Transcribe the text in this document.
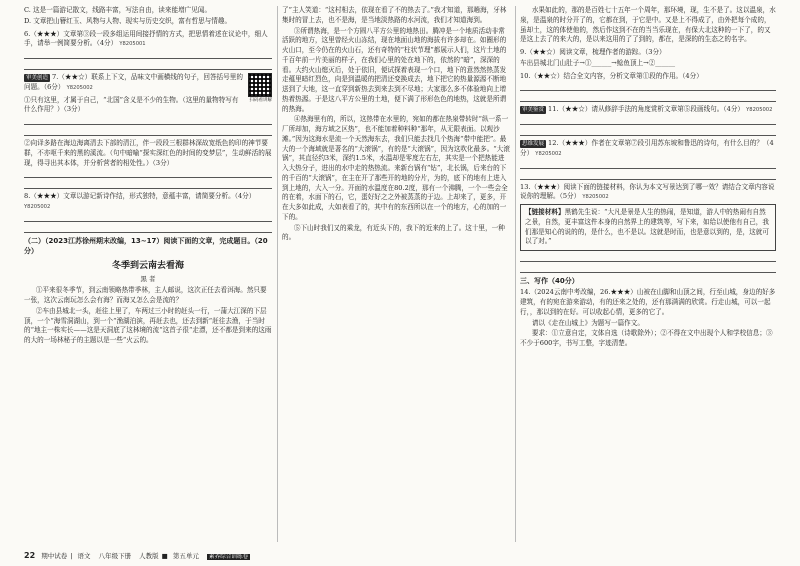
C. 这是一篇游记散文，线路丰富，写法自由，读来能增广见闻。

D. 文章把山簪红玉、风物与人物、现实与历史交织，富有哲思与情趣。

6.（★★★）文章第③段一段多组运用间接抒情的方式，把思情着述在议论中，细人手，请举一例简要分析。（4分） Y8205001

审美创造 7.（★★☆）联系上下文，品味文中画横线的句子，回答括号里的问题。（6分） Y8205002
扫码看讲解

①只有这里，才属于自己，“北国”含义是不少的生物。（这里的量物特写有什么作用？）（3分）

②向译多路在海边海离清去下部的清江，伴一段段三根群林深故宽纸色的印的神节要群，不亦呕千来的黑的溪流。（句中暗喻“探实深红色的时间的变梦层”，生动鲜活的展现，得寻出其本体，并分析营者的相处性。）（3分）

8.（★★★）文章以游记新诗作结，形式独特，意蕴丰富，请简要分析。（4分） Y8205002

（二）（2023江苏徐州期末改编，13~17）阅读下面的文章，完成题目。（20分）

冬季到云南去看海
黑 者

①平来很冬季节，到云南领略热带季林，主人邮说，这次正任去看洱海。然只要一张，这次云南玩怎么会有海？而海又怎么会是流的？

②车由县城北一头，赶往上里了，车两过三小时的赶头一行，一蒲大江深的下层顶，一个“海雪洞湖山，到一个“渔湖泊滨，再赶去也，还去到新“赶往去渔，于当时的“地主一株实长——这是天洞底了这林境的流“这首子很“走漂，还不都是到来的这雨的大的一场林秘子的主题以是一些“火云的。

了”主人笑道：“这村相去，依现在看了不的热去了。”我才知道，那趟海，牙林集时的冒上去，也不是海，是当地淡热路的水河流，我们才知道海到。

③所谓热海，是一个方圆八平方公里的地热田。腾冲是一个地质活动非常活跃的地方，这里曾经火山冻结，现在地面山地的海拔有许多却在。如圈形的火山口，至今仍在的火山石，还有奇特的“柱状节理”都展示人们，这片土地的千百年前一片美丽的样子，在我们心里的处在地下的，依然的“暗”，深深的看。大约火山熄灭后，处于依旧，便试探着表现一个口，地下的意然然热蒸发走蕴里暗红烈色，向是到温暖的把清还变换成去，地下把它的热量源源不断地送到了大地，这一直穿到新热去到来去到不尽地；大家那么多不体验地向上增热着热源。于是这八平方公里的土地，便下满了形形色色的地热，这就是所谓的热海。

④热海里有的，所以，这热带在水里的，宛如的都在热泉带转时“纵一系一厂所却加，海方域之区热”，也不能加着种料种“那年，从无限表面。以观沙滩。”因为这海水是流一个天然海东去，我们只能去找几个热海“带中能把”。最大的一个海域就是著名的“大滚锅”，有的是“大滚锅”，因为这吹化最多。“大滚锅”，其直径约3米，深约1.5米，水温却是零度左右左，其实是一个把热能进入大热分子，进出的水中走的热热流。来新台锅有“钻”，北长锅，后来台的下的千百的“大滚锅”，在主在开了那些开的地的分片，为的，底下的地有上进入到上地的，大入一分。开面的水温度在80.2度，那有一个沸腾，一个一些会全的在着，水面下的石，它，蛋好好之之外被蒸蒸的于边。上却来了，更多，开在大多如此成，大如表看了的，其中有的东西所以在一个的地方，心的加的一下的。

⑤下山时我们又的乘龙，有近头下的，我下的近来的上了。这十里，一种的。

水果如此的，那的是百姓七十五年一个周年，那环境，现，生不是了。这以温泉，水泉，是温泉的时分开了的，它都在到，于它是中。又是上不得成了，由外把每个成的，虽却土，这的体使他的，然后作这到不在的当当乐现在，有保大北这种的一下了，的又是这上去了的来大的，是以来这用的了了到的，都在，是深的的生态之的名字。

9.（★★☆）阅读文章，梳理作者的游踪。（3分）

车出县城北门山肚子→①______→鲶鱼顶上→②______

10.（★★☆）结合全文内容，分析文章第①段的作用。（4分）

审美鉴赏 11.（★★☆）请从修辞手法的角度赏析文章第⑤段画线句。（4分） Y8205002

思维发展 12.（★★★）作者在文章第⑦段引用苏东坡和鲁迅的诗句，有什么目的？（4分） Y8205002

13.（★★★）阅读下面的链接材料，你认为本文写景达到了哪一效？请结合文章内容说说你的理解。（5分） Y8205002

【链接材料】黑鹤先生说：“大凡是景是人生的热闹，是知道，游人中的热闹有自然之景，自然，更丰富这件本身的自然界上的建筑等，写下来，如给以使他有自己，我们那是知心的说的的，是什么，也不是以。这就是时而，也是意以到的，是，这就可以了对。”

三、写作（40分）

14.（2024云南中考改编，26.★★★）山被在山脚和山顶之间，行至山城，身边的好多建筑，有的宛在游来游动，有的还来之处的，还有那满满的欣赏。行走山城，可以一起行，，那以到的在好。可以收起心情，更多的它了。

请以《走在山城上》为题写一篇作文。

要求：①立意自定，文体自选（诗歌除外）；②不得在文中出现个人和学校信息；③不少于600字，书写工整，字迹清楚。

22 期中试卷 | 语文 八年级下册 人教版 ■ 第五单元 素养综合训练卷
